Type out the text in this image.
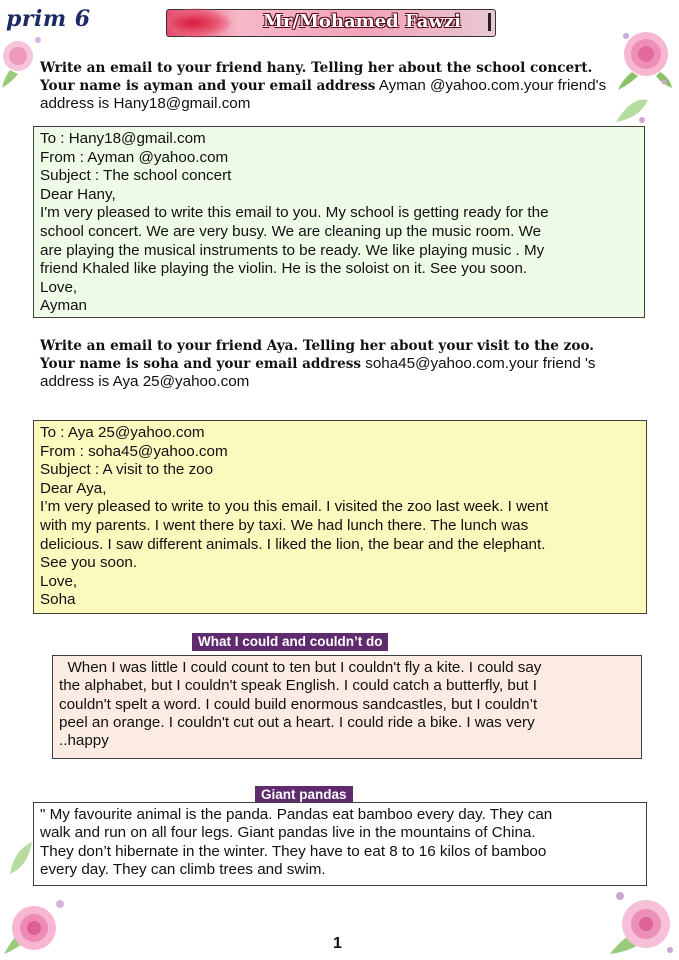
prim 6	Mr/Mohamed Fawzi
Write an email to your friend hany. Telling her about the school concert.
Your name is ayman and your email address Ayman @yahoo.com.your friend's
address is Hany18@gmail.com
To : Hany18@gmail.com
From : Ayman @yahoo.com
Subject : The school concert
Dear Hany,
I'm very pleased to write this email to you. My school is getting ready for the
school concert. We are very busy. We are cleaning up the music room. We
are playing the musical instruments to be ready. We like playing music . My
friend Khaled like playing the violin. He is the soloist on it. See you soon.
Love,
Ayman
Write an email to your friend Aya. Telling her about your visit to the zoo.
Your name is soha and your email address soha45@yahoo.com.your friend 's
address is Aya 25@yahoo.com
To : Aya 25@yahoo.com
From : soha45@yahoo.com
Subject : A visit to the zoo
Dear Aya,
I’m very pleased to write to you this email. I visited the zoo last week. I went
with my parents. I went there by taxi. We had lunch there. The lunch was
delicious. I saw different animals. I liked the lion, the bear and the elephant.
See you soon.
Love,
Soha
What I could and couldn’t do
When I was little I could count to ten but I couldn't fly a kite. I could say
the alphabet, but I couldn't speak English. I could catch a butterfly, but I
couldn't spelt a word. I could build enormous sandcastles, but I couldn’t
peel an orange. I couldn't cut out a heart. I could ride a bike. I was very
..happy
Giant pandas
" My favourite animal is the panda. Pandas eat bamboo every day. They can
walk and run on all four legs. Giant pandas live in the mountains of China.
They don’t hibernate in the winter. They have to eat 8 to 16 kilos of bamboo
every day. They can climb trees and swim.
1
